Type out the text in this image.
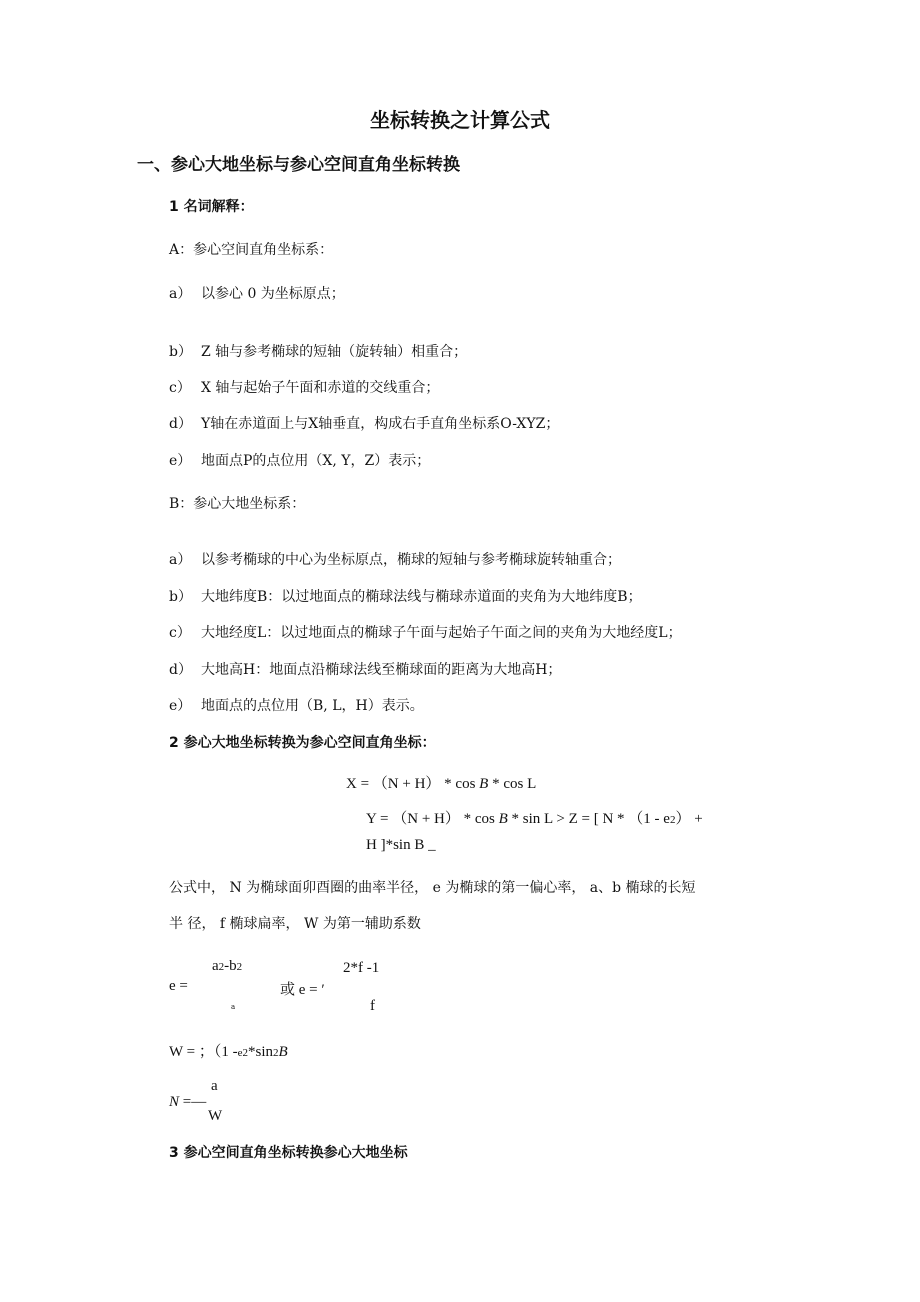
坐标转换之计算公式
一、参心大地坐标与参心空间直角坐标转换
1 名词解释：
A：参心空间直角坐标系：
a） 以参心 0 为坐标原点；
b） Z 轴与参考椭球的短轴（旋转轴）相重合；
c） X 轴与起始子午面和赤道的交线重合；
d） Y轴在赤道面上与X轴垂直，构成右手直角坐标系O-XYZ；
e） 地面点P的点位用（X, Y，Z）表示；
B：参心大地坐标系：
a） 以参考椭球的中心为坐标原点，椭球的短轴与参考椭球旋转轴重合；
b） 大地纬度B：以过地面点的椭球法线与椭球赤道面的夹角为大地纬度B；
c） 大地经度L：以过地面点的椭球子午面与起始子午面之间的夹角为大地经度L；
d） 大地高H：地面点沿椭球法线至椭球面的距离为大地高H；
e） 地面点的点位用（B, L，H）表示。
2 参心大地坐标转换为参心空间直角坐标：
X = （N + H） * cos B * cos L
Y = （N + H） * cos B * sin L > Z = [ N * （1 - e2） +
H ]*sin B _
公式中， N 为椭球面卯酉圈的曲率半径， e 为椭球的第一偏心率， a、b 椭球的长短
半 径， f 椭球扁率， W 为第一辅助系数
e =
a2-b2
a
或 e = ′
2*f -1
f
W = ；（1 -e2*sin2B
a
N =—
W
3 参心空间直角坐标转换参心大地坐标
